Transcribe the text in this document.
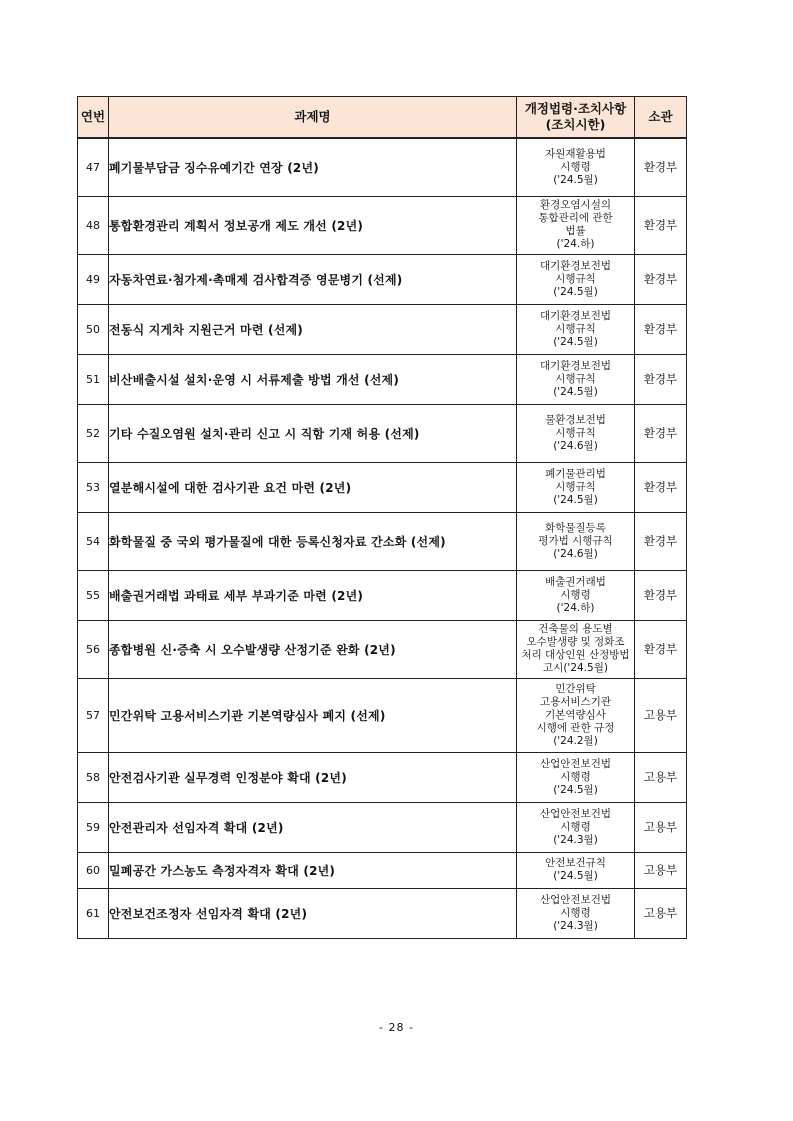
연번	과제명	개정법령·조치사항
(조치시한)	소관
47	폐기물부담금 징수유예기간 연장 (2년)	자원재활용법
시행령
('24.5월)	환경부
48	통합환경관리 계획서 정보공개 제도 개선 (2년)	환경오염시설의
통합관리에 관한
법률
('24.하)	환경부
49	자동차연료·첨가제·촉매제 검사합격증 영문병기 (선제)	대기환경보전법
시행규칙
('24.5월)	환경부
50	전동식 지게차 지원근거 마련 (선제)	대기환경보전법
시행규칙
('24.5월)	환경부
51	비산배출시설 설치·운영 시 서류제출 방법 개선 (선제)	대기환경보전법
시행규칙
('24.5월)	환경부
52	기타 수질오염원 설치·관리 신고 시 직함 기재 허용 (선제)	물환경보전법
시행규칙
('24.6월)	환경부
53	열분해시설에 대한 검사기관 요건 마련 (2년)	폐기물관리법
시행규칙
('24.5월)	환경부
54	화학물질 중 국외 평가물질에 대한 등록신청자료 간소화 (선제)	화학물질등록
평가법 시행규칙
('24.6월)	환경부
55	배출권거래법 과태료 세부 부과기준 마련 (2년)	배출권거래법
시행령
('24.하)	환경부
56	종합병원 신·증축 시 오수발생량 산정기준 완화 (2년)	건축물의 용도별
오수발생량 및 정화조
처리 대상인원 산정방법
고시('24.5월)	환경부
57	민간위탁 고용서비스기관 기본역량심사 폐지 (선제)	민간위탁
고용서비스기관
기본역량심사
시행에 관한 규정
('24.2월)	고용부
58	안전검사기관 실무경력 인정분야 확대 (2년)	산업안전보건법
시행령
('24.5월)	고용부
59	안전관리자 선임자격 확대 (2년)	산업안전보건법
시행령
('24.3월)	고용부
60	밀폐공간 가스농도 측정자격자 확대 (2년)	안전보건규칙
('24.5월)	고용부
61	안전보건조정자 선임자격 확대 (2년)	산업안전보건법
시행령
('24.3월)	고용부
- 28 -
